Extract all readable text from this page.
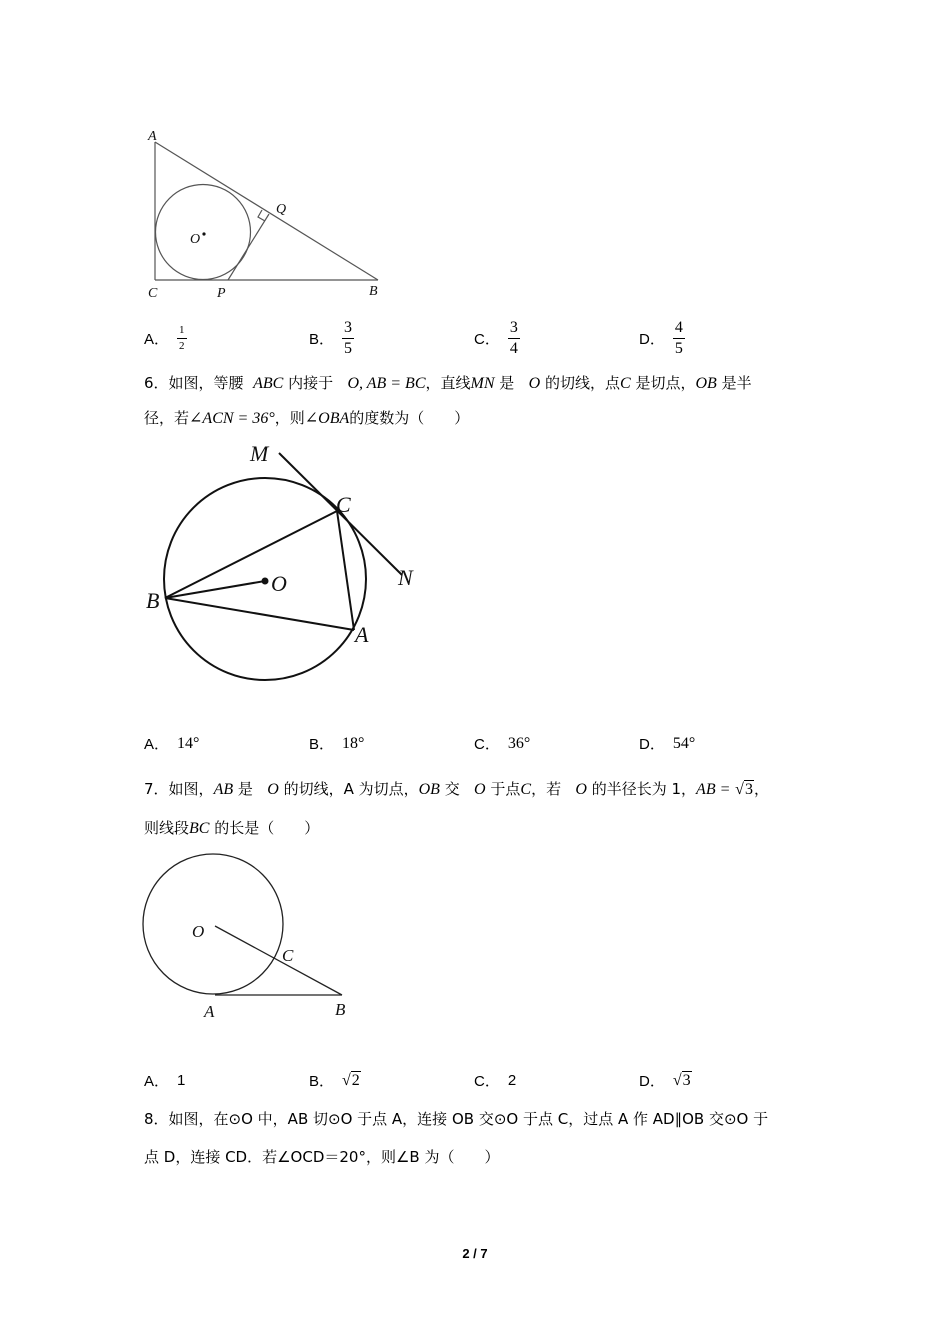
A
O
Q
C	P	B
A． $\frac{1}{2}$	B． $\frac{3}{5}$	C． $\frac{3}{4}$	D． $\frac{4}{5}$
6．如图，等腰 ABC 内接于 O, AB = BC，直线MN 是 O 的切线，点C 是切点，OB 是半
径，若∠ACN = 36°，则∠OBA的度数为（　　）
M
C
N
O
B
A
A． 14°	B． 18°	C． 36°	D． 54°
7．如图，AB 是 O 的切线，A 为切点，OB 交 O 于点C，若 O 的半径长为 1，AB = √3，
则线段BC 的长是（　　）
O
C
A	B
A． 1	B． √2	C． 2	D． √3
8．如图，在⊙O 中，AB 切⊙O 于点 A，连接 OB 交⊙O 于点 C，过点 A 作 AD∥OB 交⊙O 于
点 D，连接 CD．若∠OCD＝20°，则∠B 为（　　）
2 / 7
